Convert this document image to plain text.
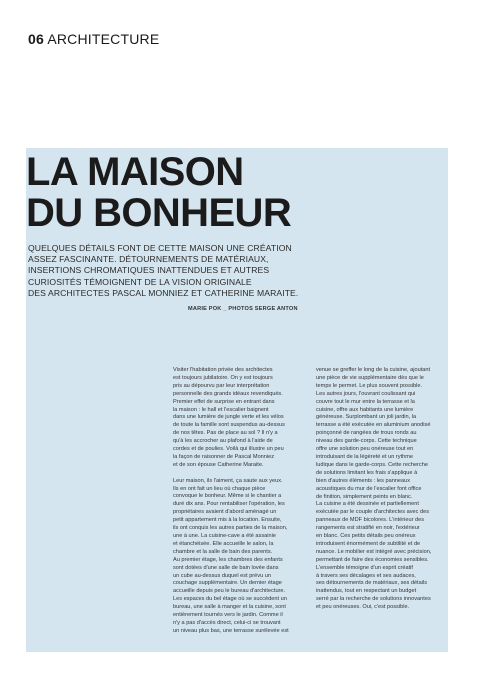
06 ARCHITECTURE
LA MAISON
DU BONHEUR
QUELQUES DÉTAILS FONT DE CETTE MAISON UNE CRÉATION
ASSEZ FASCINANTE. DÉTOURNEMENTS DE MATÉRIAUX,
INSERTIONS CHROMATIQUES INATTENDUES ET AUTRES
CURIOSITÉS TÉMOIGNENT DE LA VISION ORIGINALE
DES ARCHITECTES PASCAL MONNIEZ ET CATHERINE MARAITE.
MARIE POK _ PHOTOS SERGE ANTON

Visiter l'habitation privée des architectes
est toujours jubilatoire. On y est toujours
pris au dépourvu par leur interprétation
personnelle des grands idéaux revendiqués.
Premier effet de surprise en entrant dans
la maison : le hall et l'escalier baignent
dans une lumière de jungle verte et les vélos
de toute la famille sont suspendus au-dessus
de nos têtes. Pas de place au sol ? Il n'y a
qu'à les accrocher au plafond à l'aide de
cordes et de poulies. Voilà qui illustre un peu
la façon de raisonner de Pascal Monniez
et de son épouse Catherine Maraite.

Leur maison, ils l'aiment, ça saute aux yeux.
Ils en ont fait un lieu où chaque pièce
convoque le bonheur. Même si le chantier a
duré dix ans. Pour rentabiliser l'opération, les
propriétaires avaient d'abord aménagé un
petit appartement mis à la location. Ensuite,
ils ont conquis les autres parties de la maison,
une à une. La cuisine-cave a été assainie
et étanchéisée. Elle accueille le salon, la
chambre et la salle de bain des parents.
Au premier étage, les chambres des enfants
sont dotées d'une salle de bain lovée dans
un cube au-dessus duquel est prévu un
couchage supplémentaire. Un dernier étage
accueille depuis peu le bureau d'architecture.
Les espaces du bel étage où se succèdent un
bureau, une salle à manger et la cuisine, sont
entièrement tournés vers le jardin. Comme il
n'y a pas d'accès direct, celui-ci se trouvant
un niveau plus bas, une terrasse surélevée est

venue se greffer le long de la cuisine, ajoutant
une pièce de vie supplémentaire dès que le
temps le permet. Le plus souvent possible.
Les autres jours, l'ouvrant coulissant qui
couvre tout le mur entre la terrasse et la
cuisine, offre aux habitants une lumière
généreuse. Surplombant un joli jardin, la
terrasse a été exécutée en aluminium anodisé
poinçonné de rangées de trous ronds au
niveau des garde-corps. Cette technique
offre une solution peu onéreuse tout en
introduisant de la légèreté et un rythme
ludique dans le garde-corps. Cette recherche
de solutions limitant les frais s'applique à
bien d'autres éléments : les panneaux
acoustiques du mur de l'escalier font office
de finition, simplement peints en blanc.
La cuisine a été dessinée et partiellement
exécutée par le couple d'architectes avec des
panneaux de MDF bicolores. L'intérieur des
rangements est stratifié en noir, l'extérieur
en blanc. Ces petits détails peu onéreux
introduisent énormément de subtilité et de
nuance. Le mobilier est intégré avec précision,
permettant de faire des économies sensibles.
L'ensemble témoigne d'un esprit créatif
à travers ses décalages et ses audaces,
ses détournements de matériaux, ses détails
inattendus, tout en respectant un budget
serré par la recherche de solutions innovantes
et peu onéreuses. Oui, c'est possible.
